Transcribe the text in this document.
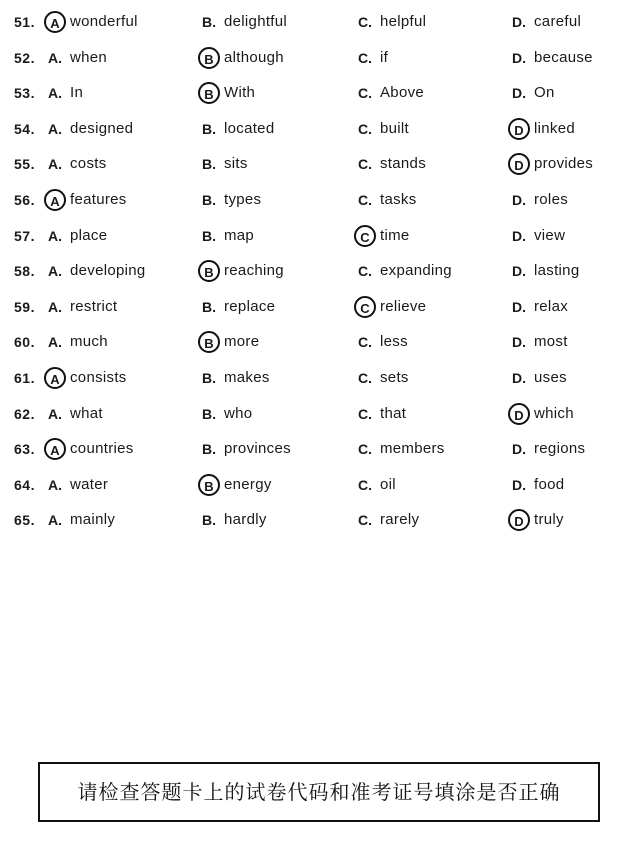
51.	A wonderful	B. delightful	C. helpful	D. careful
52. A. when	B although	C. if	D. because
53. A. In	B With	C. Above	D. On
54. A. designed	B. located	C. built	D linked
55. A. costs	B. sits	C. stands	D provides
56.	A features	B. types	C. tasks	D. roles
57. A. place	B. map	C time	D. view
58. A. developing	B reaching	C. expanding	D. lasting
59. A. restrict	B. replace	C relieve	D. relax
60. A. much	B more	C. less	D. most
61.	A consists	B. makes	C. sets	D. uses
62. A. what	B. who	C. that	D which
63.	A countries	B. provinces	C. members	D. regions
64. A. water	B energy	C. oil	D. food
65. A. mainly	B. hardly	C. rarely	D truly
请检查答题卡上的试卷代码和准考证号填涂是否正确
